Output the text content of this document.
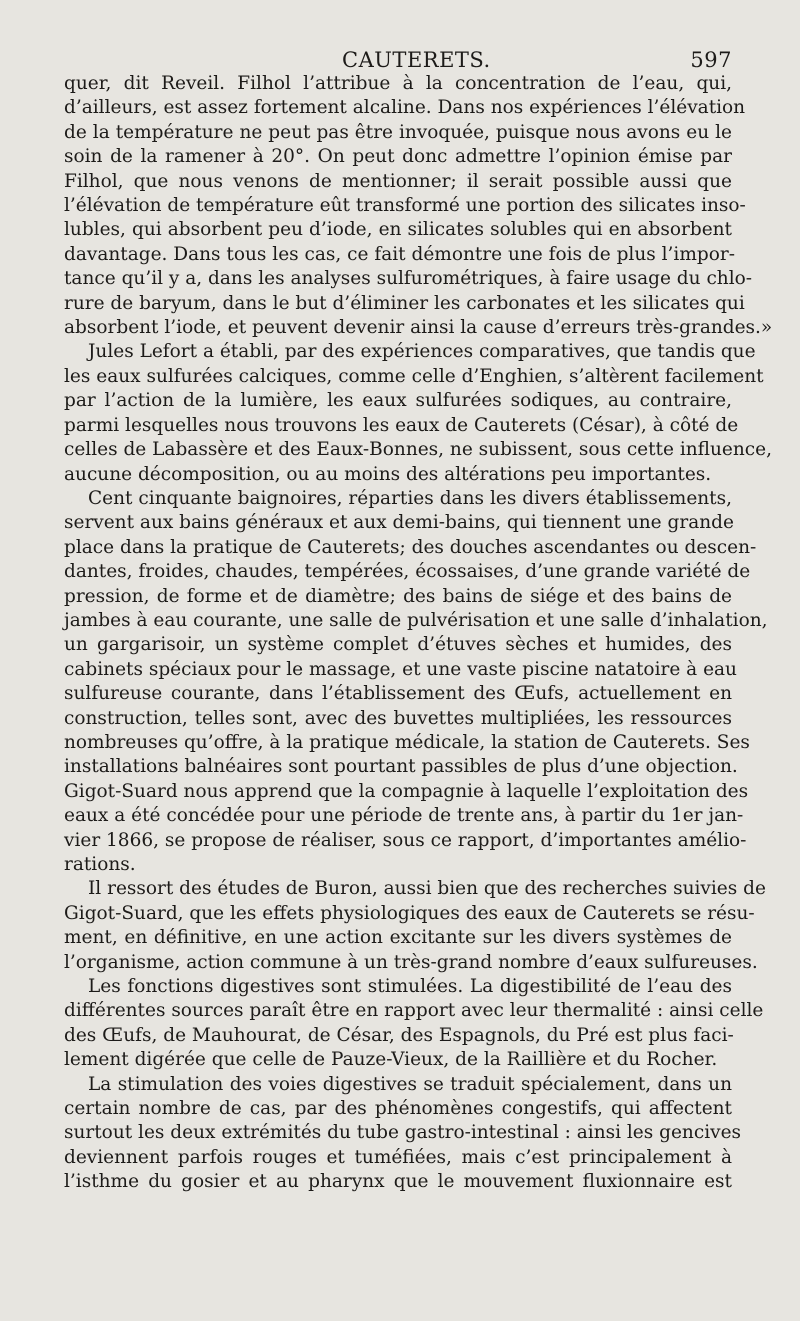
CAUTERETS.	597
quer, dit Reveil. Filhol l’attribue à la concentration de l’eau, qui,
d’ailleurs, est assez fortement alcaline. Dans nos expériences l’élévation
de la température ne peut pas être invoquée, puisque nous avons eu le
soin de la ramener à 20°. On peut donc admettre l’opinion émise par
Filhol, que nous venons de mentionner; il serait possible aussi que
l’élévation de température eût transformé une portion des silicates inso-
lubles, qui absorbent peu d’iode, en silicates solubles qui en absorbent
davantage. Dans tous les cas, ce fait démontre une fois de plus l’impor-
tance qu’il y a, dans les analyses sulfurométriques, à faire usage du chlo-
rure de baryum, dans le but d’éliminer les carbonates et les silicates qui
absorbent l’iode, et peuvent devenir ainsi la cause d’erreurs très-grandes.»
Jules Lefort a établi, par des expériences comparatives, que tandis que
les eaux sulfurées calciques, comme celle d’Enghien, s’altèrent facilement
par l’action de la lumière, les eaux sulfurées sodiques, au contraire,
parmi lesquelles nous trouvons les eaux de Cauterets (César), à côté de
celles de Labassère et des Eaux-Bonnes, ne subissent, sous cette influence,
aucune décomposition, ou au moins des altérations peu importantes.
Cent cinquante baignoires, réparties dans les divers établissements,
servent aux bains généraux et aux demi-bains, qui tiennent une grande
place dans la pratique de Cauterets; des douches ascendantes ou descen-
dantes, froides, chaudes, tempérées, écossaises, d’une grande variété de
pression, de forme et de diamètre; des bains de siége et des bains de
jambes à eau courante, une salle de pulvérisation et une salle d’inhalation,
un gargarisoir, un système complet d’étuves sèches et humides, des
cabinets spéciaux pour le massage, et une vaste piscine natatoire à eau
sulfureuse courante, dans l’établissement des Œufs, actuellement en
construction, telles sont, avec des buvettes multipliées, les ressources
nombreuses qu’offre, à la pratique médicale, la station de Cauterets. Ses
installations balnéaires sont pourtant passibles de plus d’une objection.
Gigot-Suard nous apprend que la compagnie à laquelle l’exploitation des
eaux a été concédée pour une période de trente ans, à partir du 1er jan-
vier 1866, se propose de réaliser, sous ce rapport, d’importantes amélio-
rations.
Il ressort des études de Buron, aussi bien que des recherches suivies de
Gigot-Suard, que les effets physiologiques des eaux de Cauterets se résu-
ment, en définitive, en une action excitante sur les divers systèmes de
l’organisme, action commune à un très-grand nombre d’eaux sulfureuses.
Les fonctions digestives sont stimulées. La digestibilité de l’eau des
différentes sources paraît être en rapport avec leur thermalité : ainsi celle
des Œufs, de Mauhourat, de César, des Espagnols, du Pré est plus faci-
lement digérée que celle de Pauze-Vieux, de la Raillière et du Rocher.
La stimulation des voies digestives se traduit spécialement, dans un
certain nombre de cas, par des phénomènes congestifs, qui affectent
surtout les deux extrémités du tube gastro-intestinal : ainsi les gencives
deviennent parfois rouges et tuméfiées, mais c’est principalement à
l’isthme du gosier et au pharynx que le mouvement fluxionnaire est
